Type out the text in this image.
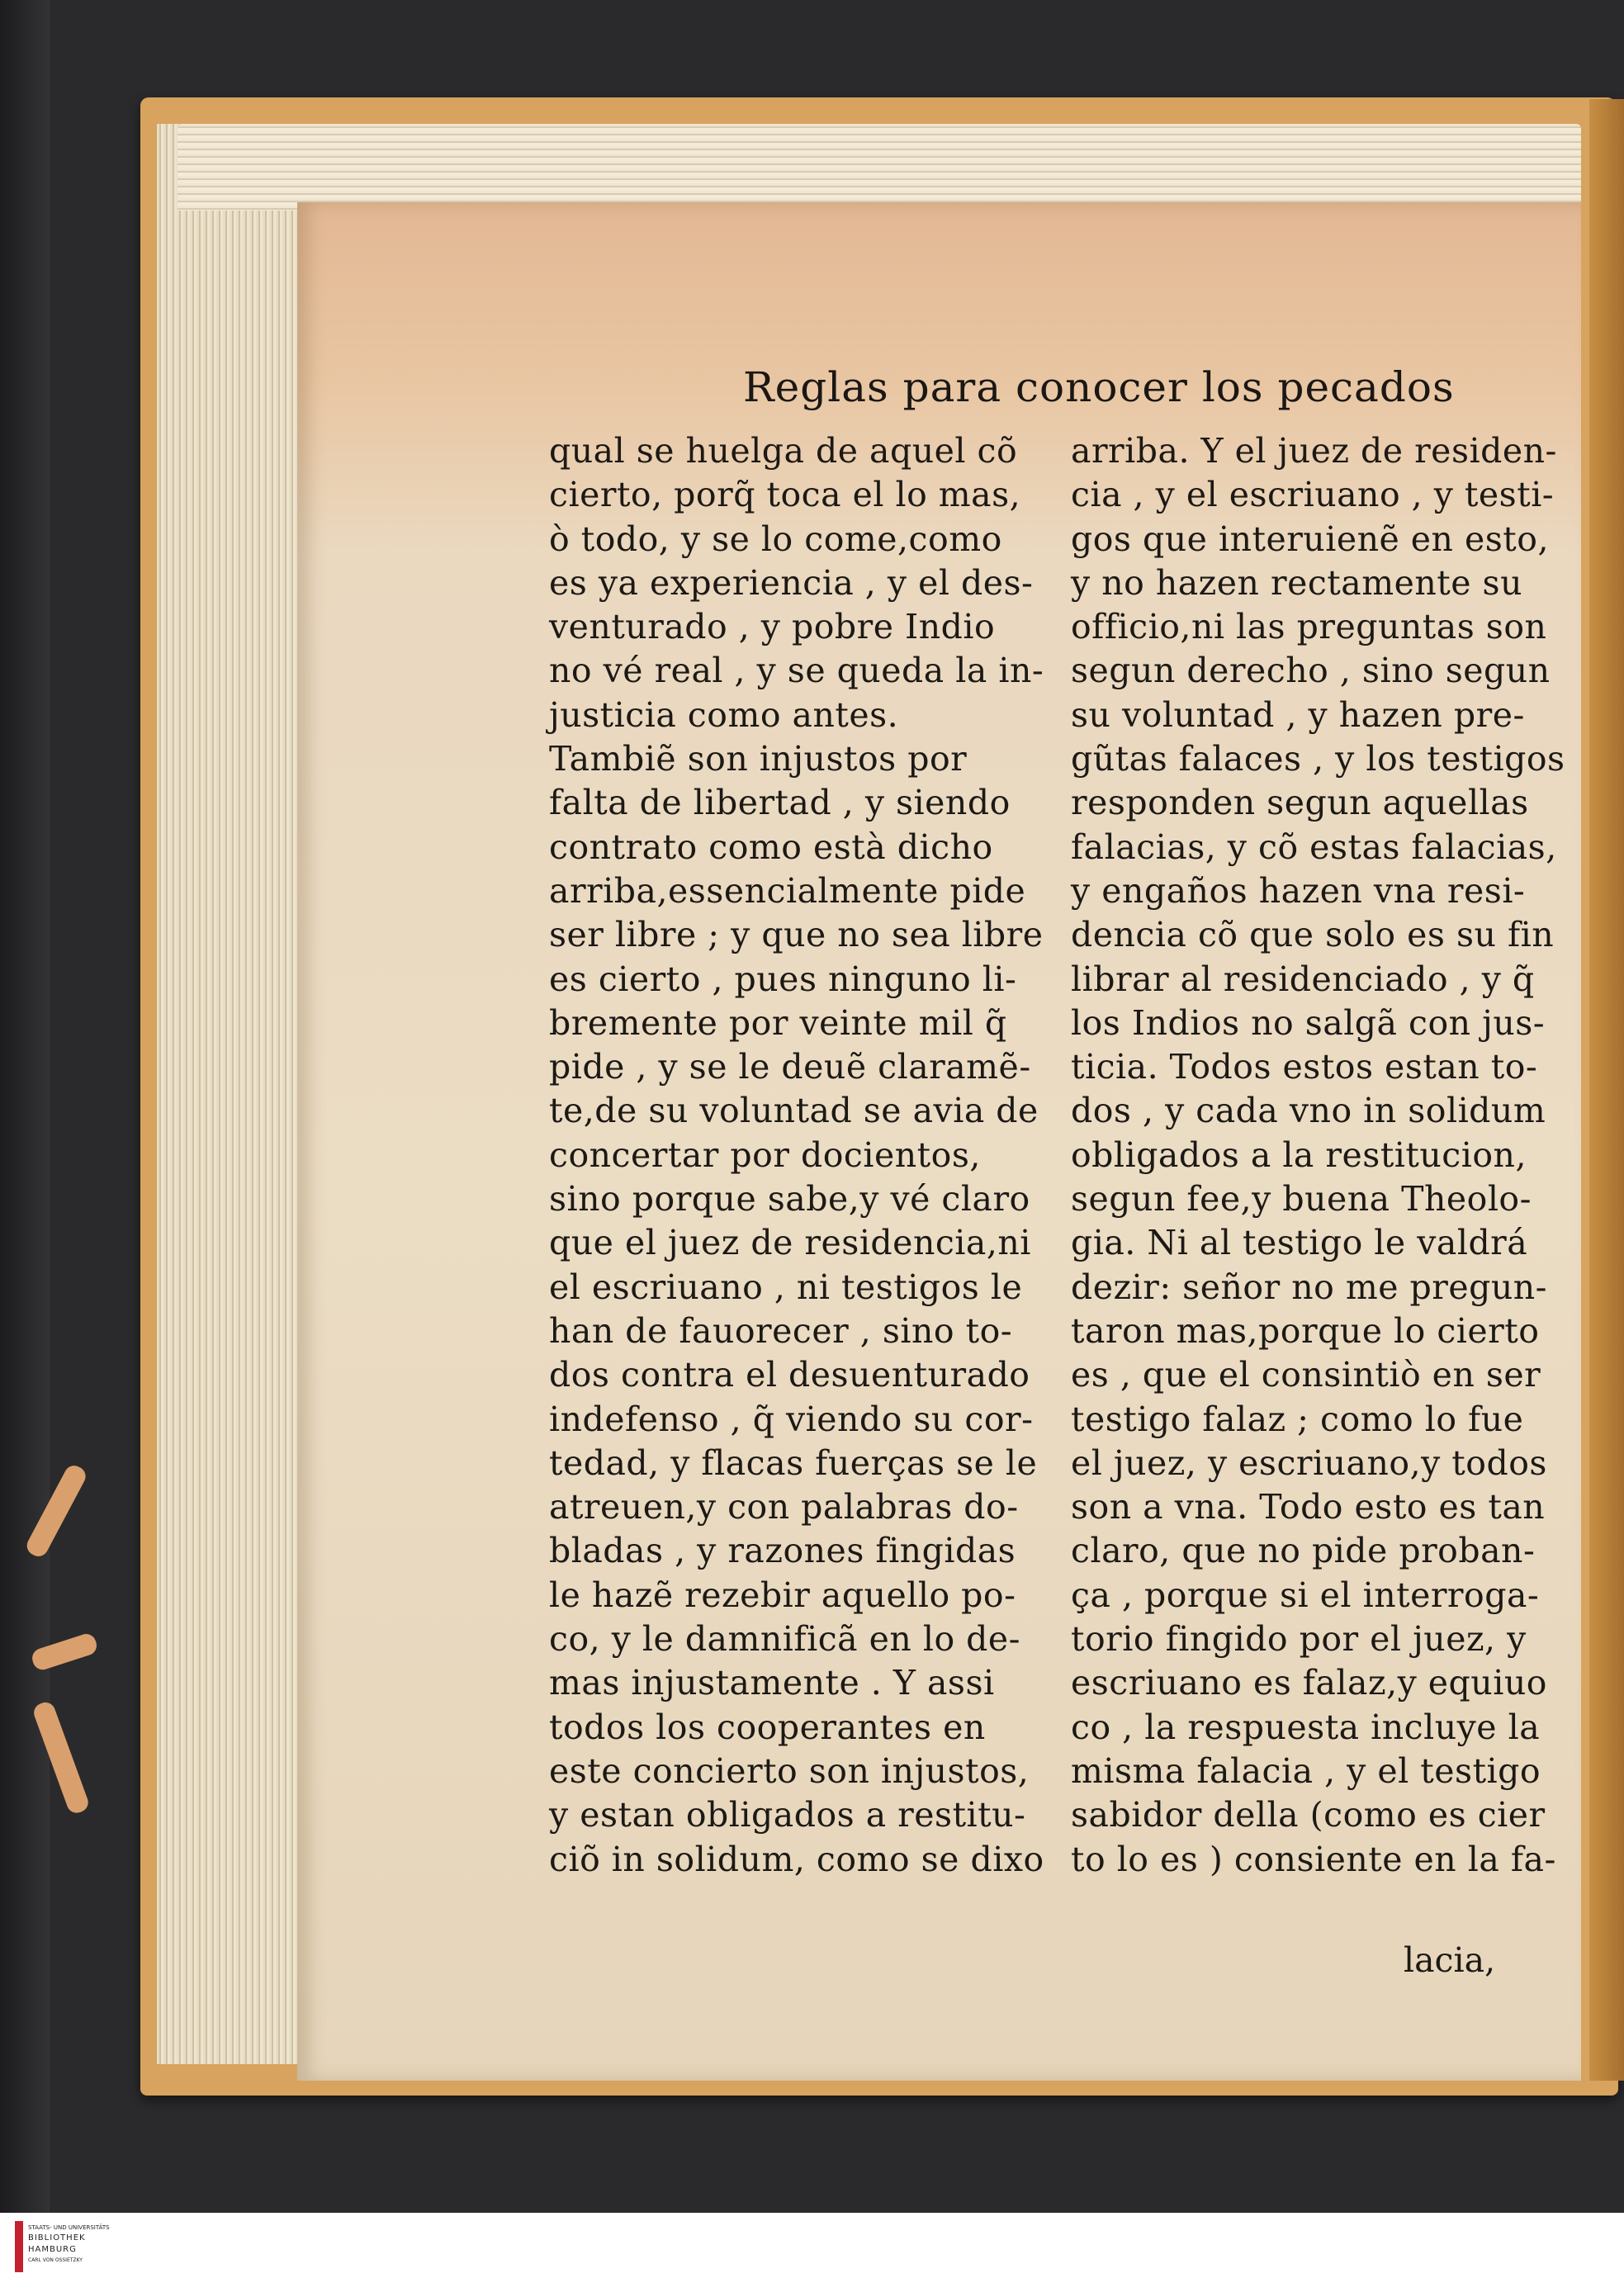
Reglas para conocer los pecados
qual se huelga de aquel cõ
cierto, porq̃ toca el lo mas,
ò todo, y se lo come,como
es ya experiencia , y el des-
venturado , y pobre Indio
no vé real , y se queda la in-
justicia como antes.
Tambiẽ son injustos por
falta de libertad , y siendo
contrato como està dicho
arriba,essencialmente pide
ser libre ; y que no sea libre
es cierto , pues ninguno li-
bremente por veinte mil q̃
pide , y se le deuẽ claramẽ-
te,de su voluntad se avia de
concertar por docientos,
sino porque sabe,y vé claro
que el juez de residencia,ni
el escriuano , ni testigos le
han de fauorecer , sino to-
dos contra el desuenturado
indefenso , q̃ viendo su cor-
tedad, y flacas fuerças se le
atreuen,y con palabras do-
bladas , y razones fingidas
le hazẽ rezebir aquello po-
co, y le damnificã en lo de-
mas injustamente . Y assi
todos los cooperantes en
este concierto son injustos,
y estan obligados a restitu-
ciõ in solidum, como se dixo
arriba. Y el juez de residen-
cia , y el escriuano , y testi-
gos que interuienẽ en esto,
y no hazen rectamente su
officio,ni las preguntas son
segun derecho , sino segun
su voluntad , y hazen pre-
gũtas falaces , y los testigos
responden segun aquellas
falacias, y cõ estas falacias,
y engaños hazen vna resi-
dencia cõ que solo es su fin
librar al residenciado , y q̃
los Indios no salgã con jus-
ticia. Todos estos estan to-
dos , y cada vno in solidum
obligados a la restitucion,
segun fee,y buena Theolo-
gia. Ni al testigo le valdrá
dezir: señor no me pregun-
taron mas,porque lo cierto
es , que el consintiò en ser
testigo falaz ; como lo fue
el juez, y escriuano,y todos
son a vna. Todo esto es tan
claro, que no pide proban-
ça , porque si el interroga-
torio fingido por el juez, y
escriuano es falaz,y equiuo
co , la respuesta incluye la
misma falacia , y el testigo
sabidor della (como es cier
to lo es ) consiente en la fa-
lacia,
STAATS- UND UNIVERSITÄTS
BIBLIOTHEK
HAMBURG
CARL VON OSSIETZKY
